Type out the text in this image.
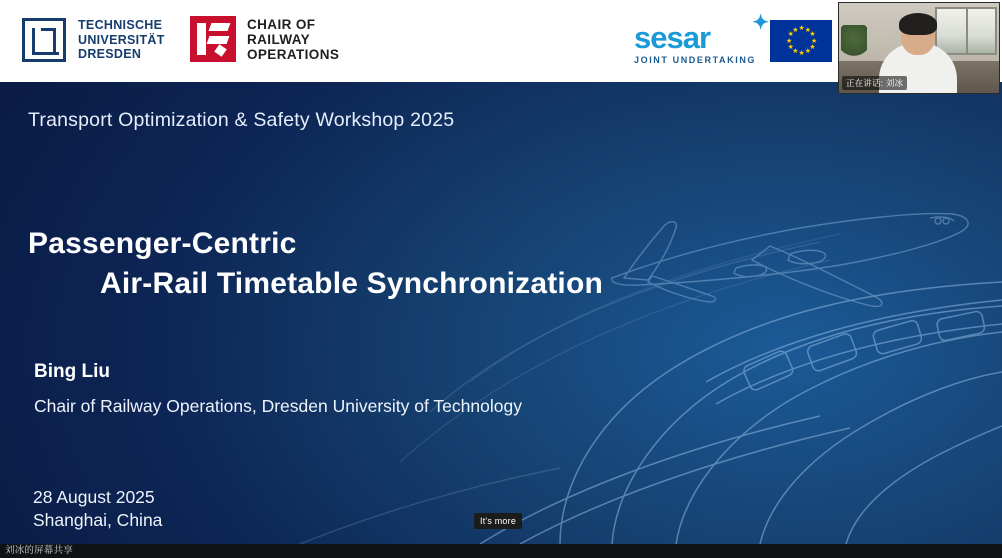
TECHNISCHE
UNIVERSITÄT
DRESDEN
CHAIR OF
RAILWAY
OPERATIONS	sesar ✦
JOINT UNDERTAKING
★ ★
★
★
★
★
★
★
★
★
★
★
Transport Optimization & Safety Workshop 2025
Passenger-Centric
Air-Rail Timetable Synchronization
Bing Liu
Chair of Railway Operations, Dresden University of Technology
28 August 2025
Shanghai, China	It's more
正在讲话: 刘冰
刘冰的屏幕共享
